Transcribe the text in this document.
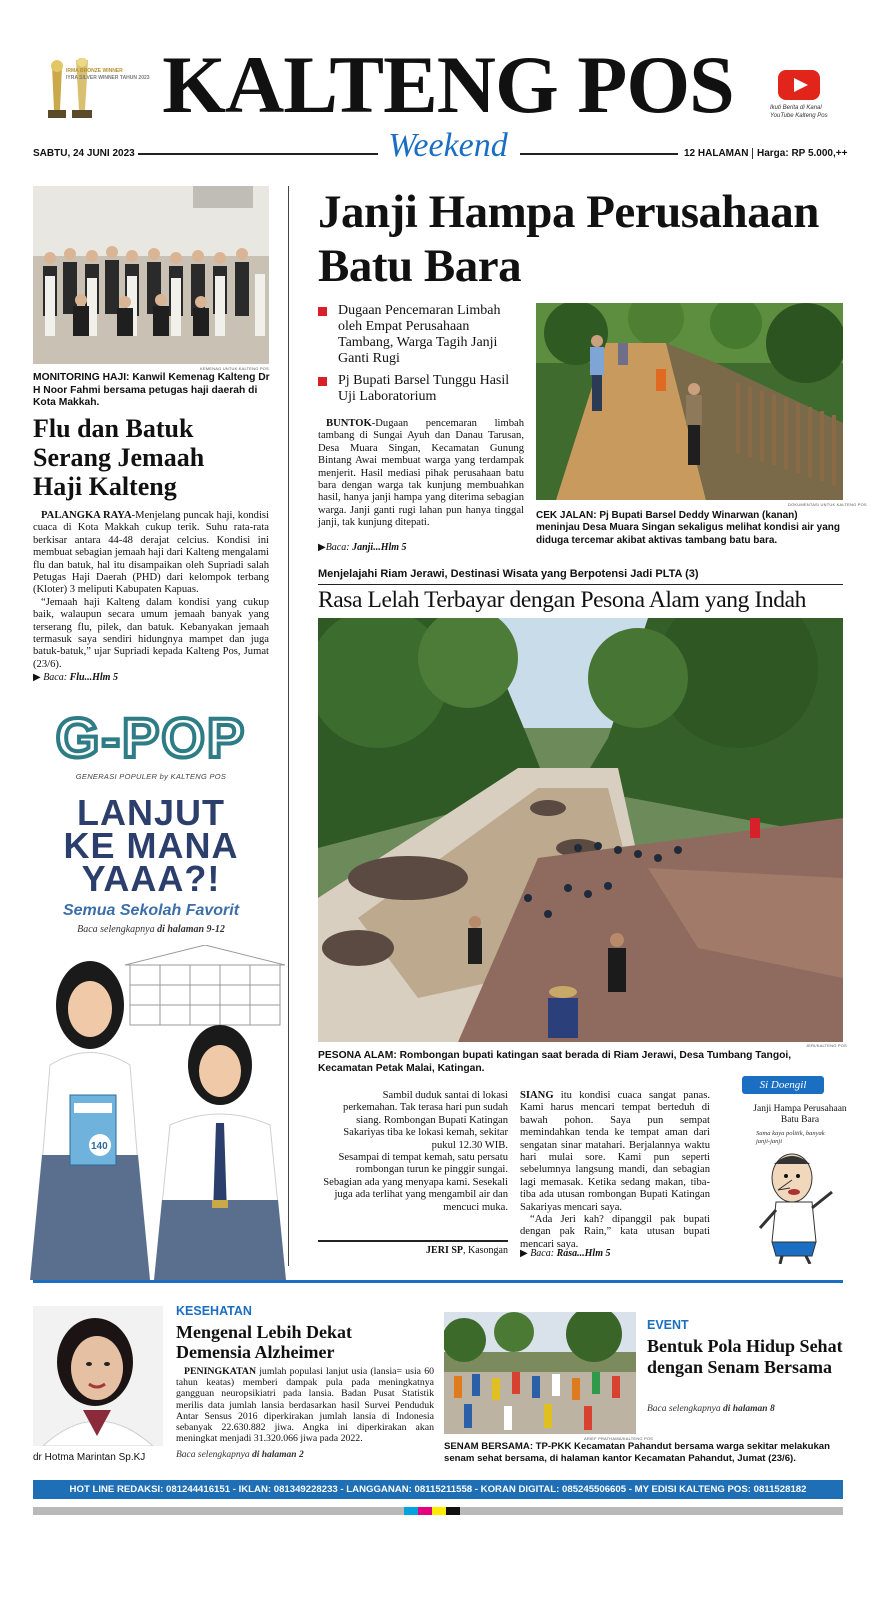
IRMA BRONZE WINNER
IYRA SILVER WINNER TAHUN 2023 KALTENG POS
Weekend
Ikuti Berita di Kanal YouTube Kalteng Pos
SABTU, 24 JUNI 2023	12 HALAMAN Harga: RP 5.000,++
KEMENAG UNTUK KALTENG POS
MONITORING HAJI: Kanwil Kemenag Kalteng Dr H Noor Fahmi bersama petugas haji daerah di Kota Makkah.
Flu dan Batuk Serang Jemaah Haji Kalteng

PALANGKA RAYA-Menjelang puncak haji, kondisi cuaca di Kota Makkah cukup terik. Suhu rata-rata berkisar antara 44-48 derajat celcius. Kondisi ini membuat sebagian jemaah haji dari Kalteng mengalami flu dan batuk, hal itu disampaikan oleh Supriadi salah Petugas Haji Daerah (PHD) dari kelompok terbang (Kloter) 3 meliputi Kabupaten Kapuas.

“Jemaah haji Kalteng dalam kondisi yang cukup baik, walaupun secara umum jemaah banyak yang terserang flu, pilek, dan batuk. Kebanyakan jemaah termasuk saya sendiri hidungnya mampet dan juga batuk-batuk,” ujar Supriadi kepada Kalteng Pos, Jumat (23/6).

▶ Baca: Flu...Hlm 5
G-POP
GENERASI POPULER by KALTENG POS
LANJUT
KE MANA
YAAA?!
Semua Sekolah Favorit
Baca selengkapnya di halaman 9-12
140
Janji Hampa Perusahaan Batu Bara
Dugaan Pencemaran Limbah oleh Empat Perusahaan Tambang, Warga Tagih Janji Ganti Rugi
Pj Bupati Barsel Tunggu Hasil Uji Laboratorium

BUNTOK-Dugaan pencemaran limbah tambang di Sungai Ayuh dan Danau Tarusan, Desa Muara Singan, Kecamatan Gunung Bintang Awai membuat warga yang terdampak menjerit. Hasil mediasi pihak perusahaan batu bara dengan warga tak kunjung membuahkan hasil, hanya janji hampa yang diterima sebagian warga. Janji ganti rugi lahan pun hanya tinggal janji, tak kunjung ditepati.

▶Baca: Janji...Hlm 5
DOKUMENTASI UNTUK KALTENG POS
CEK JALAN: Pj Bupati Barsel Deddy Winarwan (kanan) meninjau Desa Muara Singan sekaligus melihat kondisi air yang diduga tercemar akibat aktivas tambang batu bara.
Menjelajahi Riam Jerawi, Destinasi Wisata yang Berpotensi Jadi PLTA (3)
Rasa Lelah Terbayar dengan Pesona Alam yang Indah
JERI/KALTENG POS
PESONA ALAM: Rombongan bupati katingan saat berada di Riam Jerawi, Desa Tumbang Tangoi, Kecamatan Petak Malai, Katingan.

Sambil duduk santai di lokasi perkemahan. Tak terasa hari pun sudah siang. Rombongan Bupati Katingan Sakariyas tiba ke lokasi kemah, sekitar pukul 12.30 WIB.

Sesampai di tempat kemah, satu persatu rombongan turun ke pinggir sungai. Sebagian ada yang menyapa kami. Sesekali juga ada terlihat yang mengambil air dan mencuci muka.

JERI SP, Kasongan

SIANG itu kondisi cuaca sangat panas. Kami harus mencari tempat berteduh di bawah pohon. Saya pun sempat memindahkan tenda ke tempat aman dari sengatan sinar matahari. Berjalannya waktu hari mulai sore. Kami pun seperti sebelumnya langsung mandi, dan sebagian lagi memasak. Ketika sedang makan, tiba-tiba ada utusan rombongan Bupati Katingan Sakariyas mencari saya.

“Ada Jeri kah? dipanggil pak bupati dengan pak Rain,” kata utusan bupati mencari saya.

▶ Baca: Rasa...Hlm 5
Si Doengil
Janji Hampa Perusahaan Batu Bara
Sama kaya politik, banyak janji-janji
dr Hotma Marintan Sp.KJ
KESEHATAN
Mengenal Lebih Dekat Demensia Alzheimer

PENINGKATAN jumlah populasi lanjut usia (lansia= usia 60 tahun keatas) memberi dampak pula pada meningkatnya gangguan neuropsikiatri pada lansia. Badan Pusat Statistik merilis data jumlah lansia berdasarkan hasil Survei Penduduk Antar Sensus 2016 diperkirakan jumlah lansia di Indonesia sebanyak 22.630.882 jiwa. Angka ini diperkirakan akan meningkat menjadi 31.320.066 jiwa pada 2022.

Baca selengkapnya di halaman 2
ARIEF PRATHAMA/KALTENG POS
EVENT
Bentuk Pola Hidup Sehat dengan Senam Bersama
Baca selengkapnya di halaman 8
SENAM BERSAMA: TP-PKK Kecamatan Pahandut bersama warga sekitar melakukan senam sehat bersama, di halaman kantor Kecamatan Pahandut, Jumat (23/6).
HOT LINE REDAKSI: 081244416151 - IKLAN: 081349228233 - LANGGANAN: 08115211558 - KORAN DIGITAL: 085245506605 - MY EDISI KALTENG POS: 0811528182
